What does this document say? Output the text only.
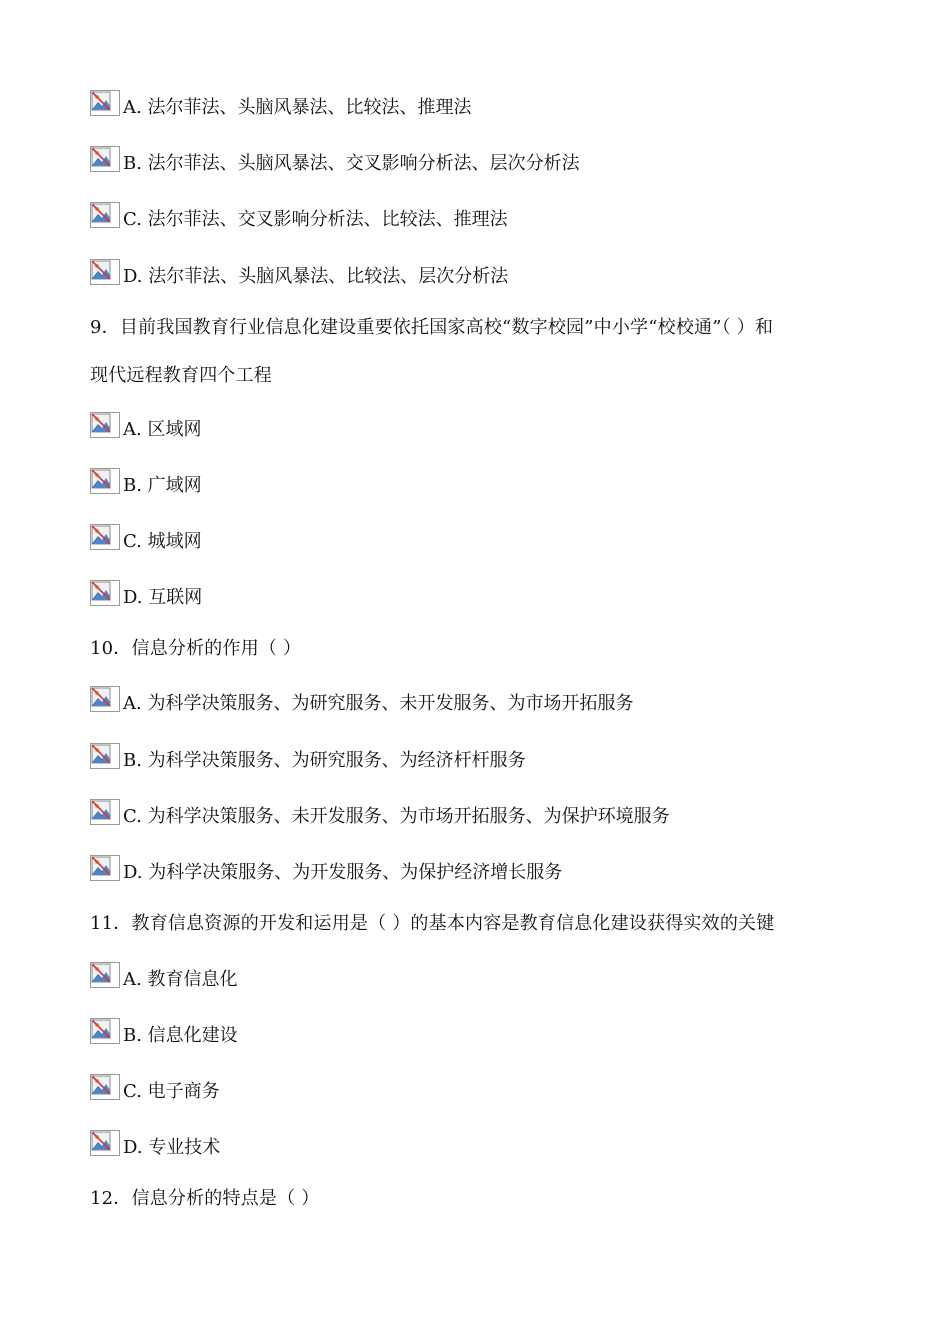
A. 法尔菲法、头脑风暴法、比较法、推理法
B. 法尔菲法、头脑风暴法、交叉影响分析法、层次分析法
C. 法尔菲法、交叉影响分析法、比较法、推理法
D. 法尔菲法、头脑风暴法、比较法、层次分析法
9．目前我国教育行业信息化建设重要依托国家高校“数字校园”中小学“校校通”（ ）和
现代远程教育四个工程
A. 区域网
B. 广域网
C. 城域网
D. 互联网
10．信息分析的作用（ ）
A. 为科学决策服务、为研究服务、未开发服务、为市场开拓服务
B. 为科学决策服务、为研究服务、为经济杆杆服务
C. 为科学决策服务、未开发服务、为市场开拓服务、为保护环境服务
D. 为科学决策服务、为开发服务、为保护经济增长服务
11．教育信息资源的开发和运用是（ ）的基本内容是教育信息化建设获得实效的关键
A. 教育信息化
B. 信息化建设
C. 电子商务
D. 专业技术
12．信息分析的特点是（ ）
